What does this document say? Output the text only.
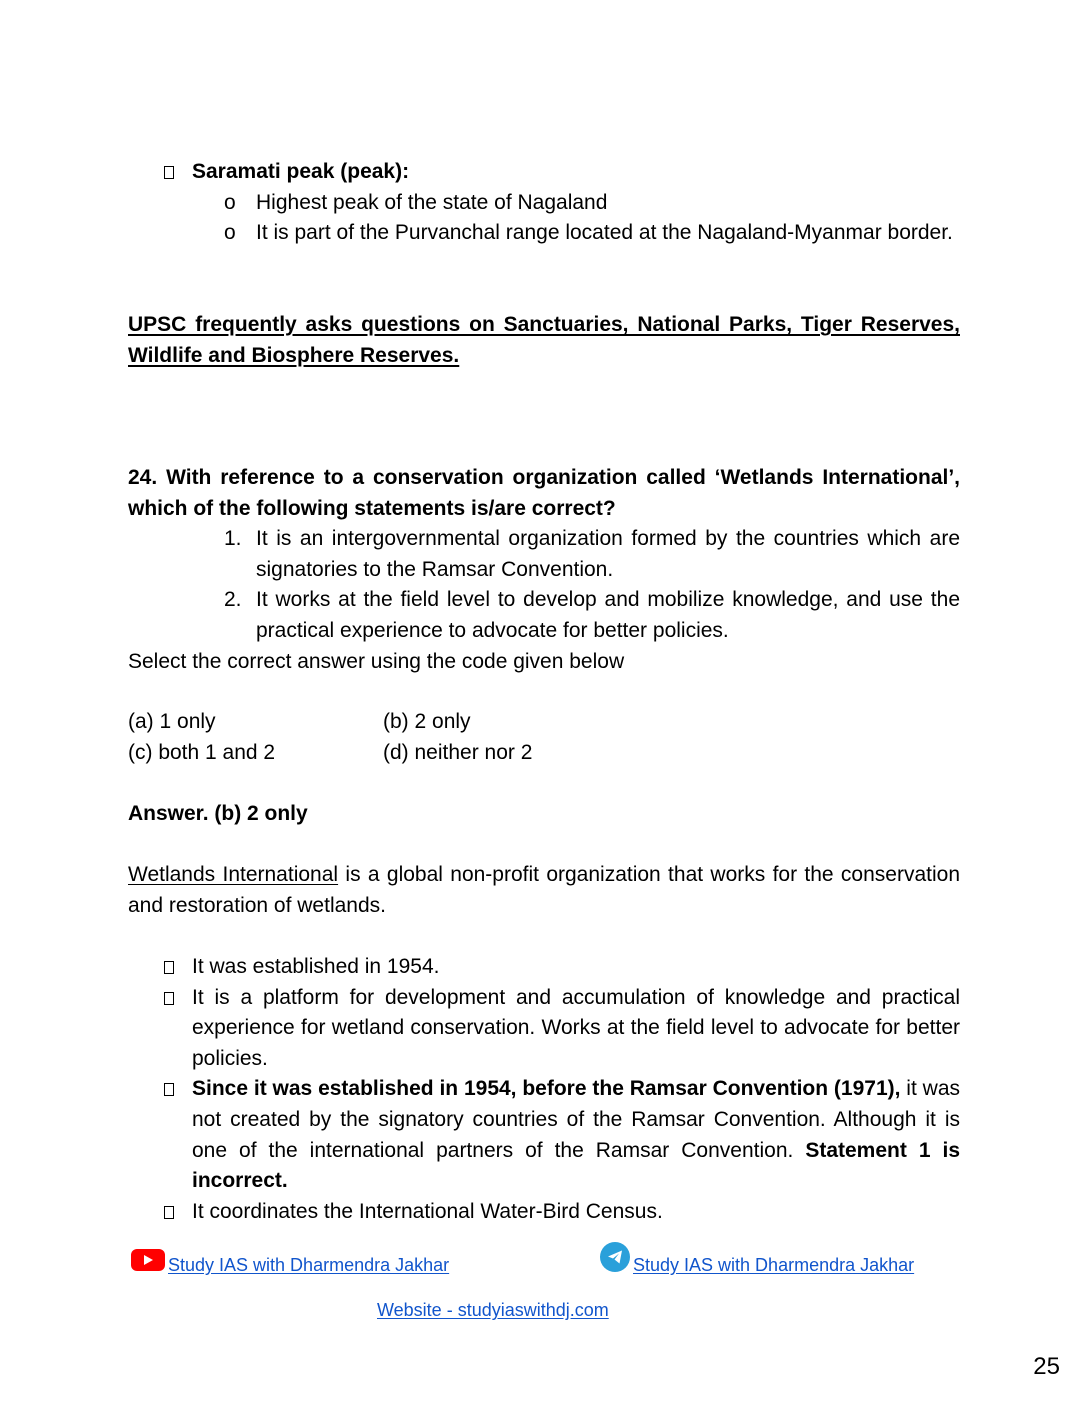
Saramati peak (peak):
o Highest peak of the state of Nagaland
o It is part of the Purvanchal range located at the Nagaland-Myanmar border.
UPSC frequently asks questions on Sanctuaries, National Parks, Tiger Reserves, Wildlife and Biosphere Reserves.
24. With reference to a conservation organization called ‘Wetlands International’, which of the following statements is/are correct?
1. It is an intergovernmental organization formed by the countries which are signatories to the Ramsar Convention.
2. It works at the field level to develop and mobilize knowledge, and use the practical experience to advocate for better policies.
Select the correct answer using the code given below
(a) 1 only	(b) 2 only
(c) both 1 and 2	(d) neither nor 2
Answer. (b) 2 only
Wetlands International is a global non-profit organization that works for the conservation and restoration of wetlands.
It was established in 1954.
It is a platform for development and accumulation of knowledge and practical experience for wetland conservation. Works at the field level to advocate for better policies.
Since it was established in 1954, before the Ramsar Convention (1971), it was not created by the signatory countries of the Ramsar Convention. Although it is one of the international partners of the Ramsar Convention. Statement 1 is incorrect.
It coordinates the International Water-Bird Census.
Study IAS with Dharmendra Jakhar	Study IAS with Dharmendra Jakhar
Website - studyiaswithdj.com
25
